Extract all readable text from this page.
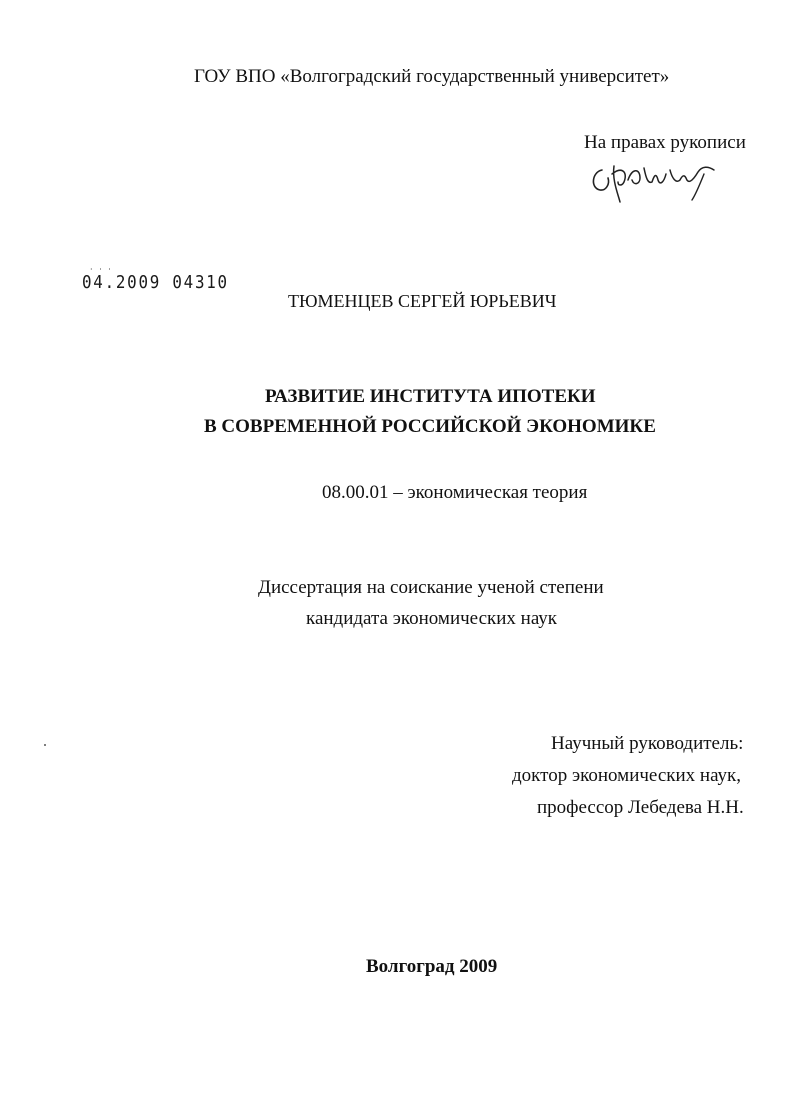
ГОУ ВПО «Волгоградский государственный университет»
На правах рукописи
· · ·
04.2009 04310
ТЮМЕНЦЕВ СЕРГЕЙ ЮРЬЕВИЧ
РАЗВИТИЕ ИНСТИТУТА ИПОТЕКИ
В СОВРЕМЕННОЙ РОССИЙСКОЙ ЭКОНОМИКЕ
08.00.01 – экономическая теория
Диссертация на соискание ученой степени
кандидата экономических наук
Научный руководитель:
доктор экономических наук,
профессор Лебедева Н.Н.
Волгоград 2009
